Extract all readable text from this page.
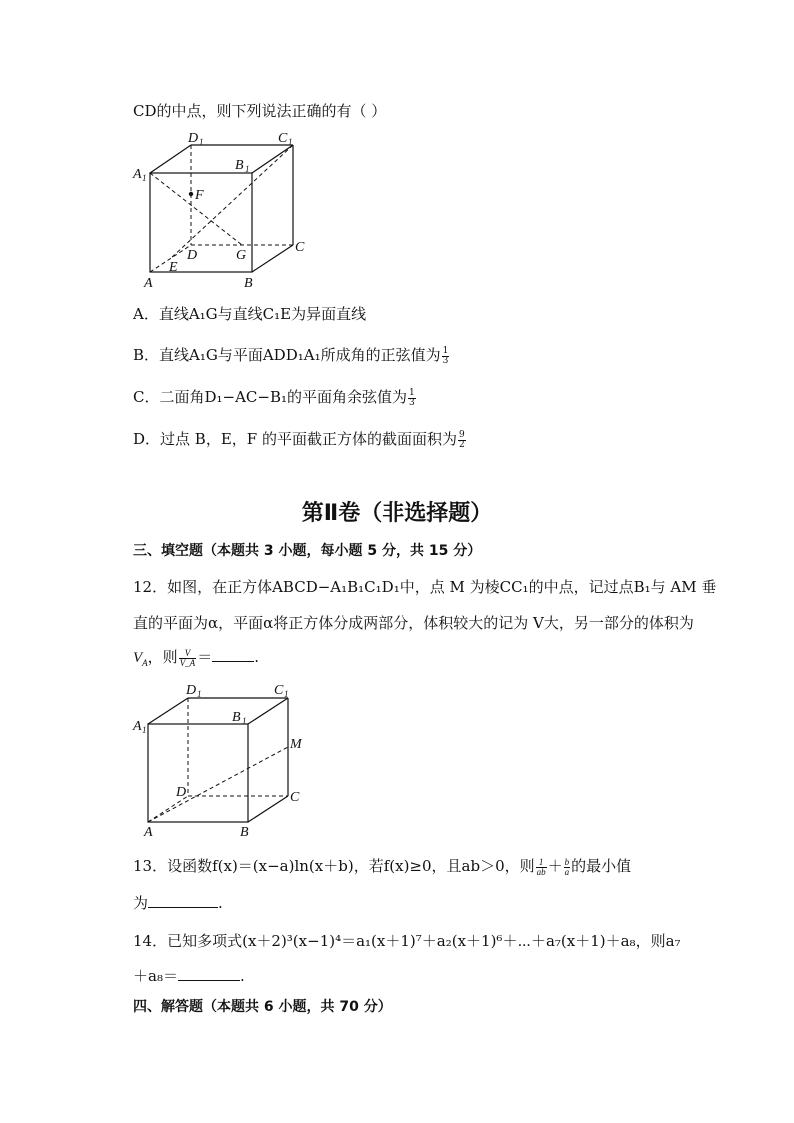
CD的中点，则下列说法正确的有（ ）
D 1	C 1
A 1
B 1
F
D	G
C
E
A	B
A．直线A₁G与直线C₁E为异面直线
B．直线A₁G与平面ADD₁A₁所成角的正弦值为 $\frac{1}{3}$
C．二面角D₁−AC−B₁的平面角余弦值为 $\frac{1}{3}$
D．过点 B，E，F 的平面截正方体的截面面积为 $\frac{9}{2}$
第Ⅱ卷（非选择题）
三、填空题（本题共 3 小题，每小题 5 分，共 15 分）
12．如图，在正方体ABCD−A₁B₁C₁D₁中，点 M 为棱CC₁的中点，记过点B₁与 AM 垂
直的平面为α，平面α将正方体分成两部分，体积较大的记为 V大，另一部分的体积为
$V_A$，则 $\frac{V}{V\_A}$ ＝	.
D 1	C 1
A 1
B 1
M
D	C
A	B
13．设函数f(x)＝(x−a)ln(x＋b)，若f(x)≥0，且ab＞0，则 $\frac{1}{ab} + \frac{b}{a}$ 的最小值
为	.
14．已知多项式(x＋2)³(x−1)⁴＝a₁(x＋1)⁷＋a₂(x＋1)⁶＋⋯＋a₇(x＋1)＋a₈，则a₇
＋a₈＝	.
四、解答题（本题共 6 小题，共 70 分）
